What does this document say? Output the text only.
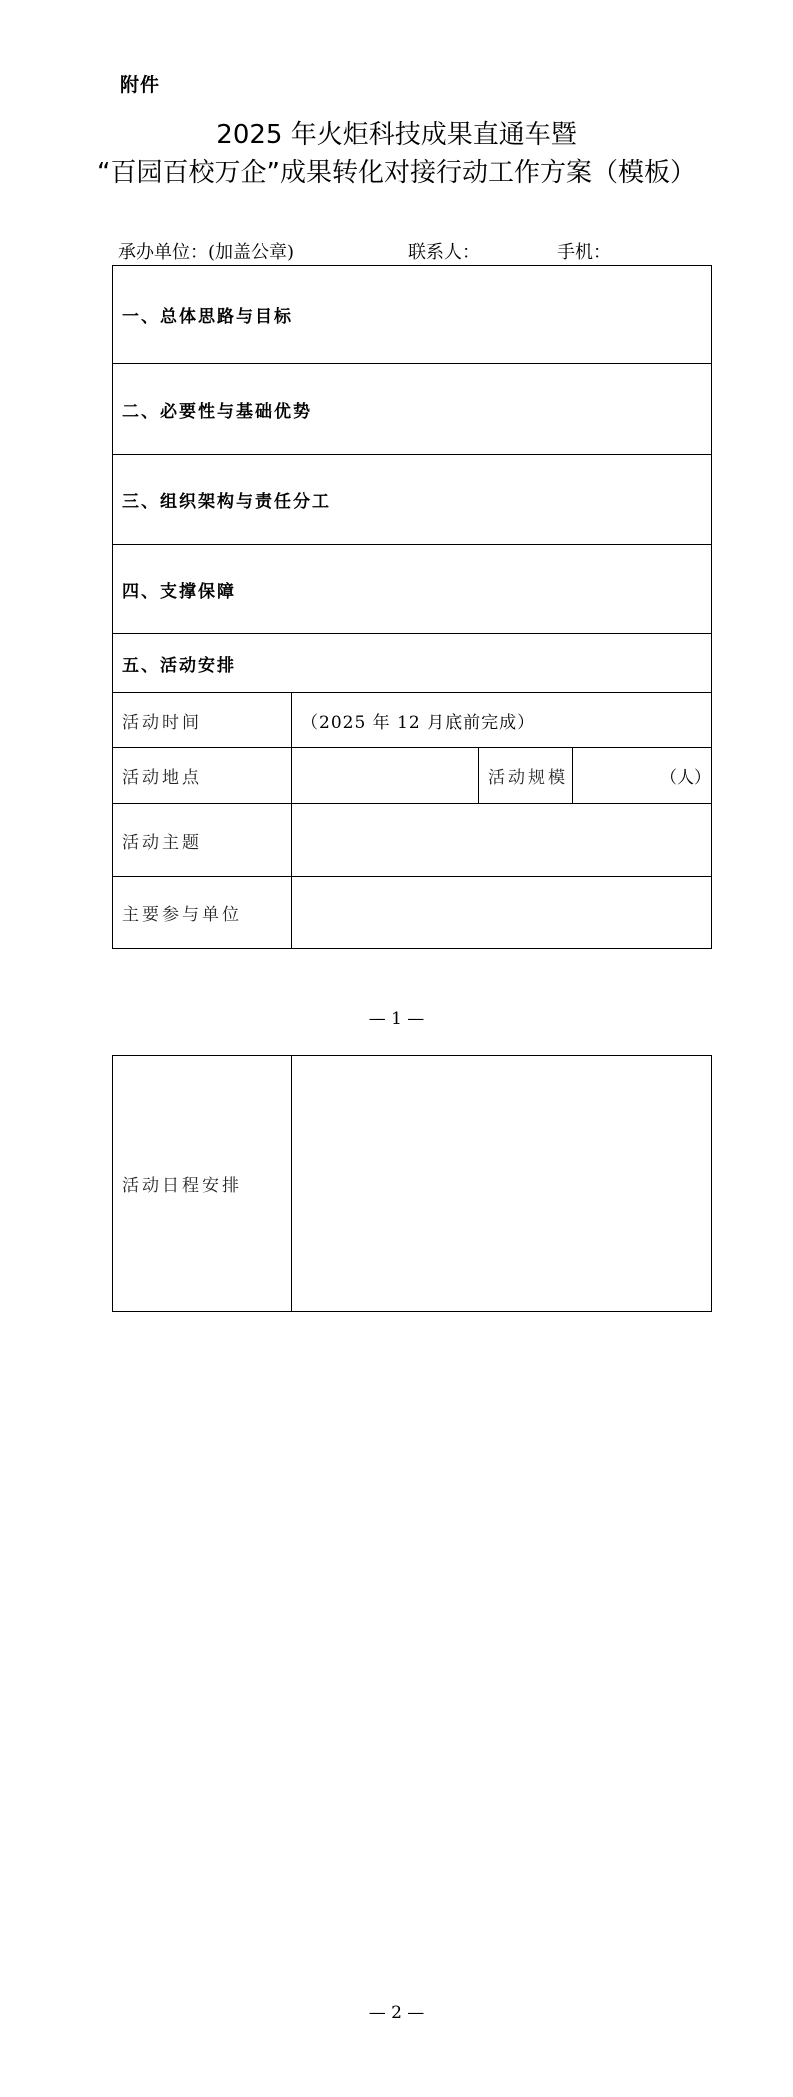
附件
2025 年火炬科技成果直通车暨
“百园百校万企”成果转化对接行动工作方案（模板）
承办单位：(加盖公章)	联系人：	手机：
一、总体思路与目标			
二、必要性与基础优势			
三、组织架构与责任分工			
四、支撑保障			
五、活动安排			
活动时间	（2025 年 12 月底前完成）		
活动地点		活动规模	（人）
活动主题			
主要参与单位			
— 1 —
活动日程安排	
— 2 —
